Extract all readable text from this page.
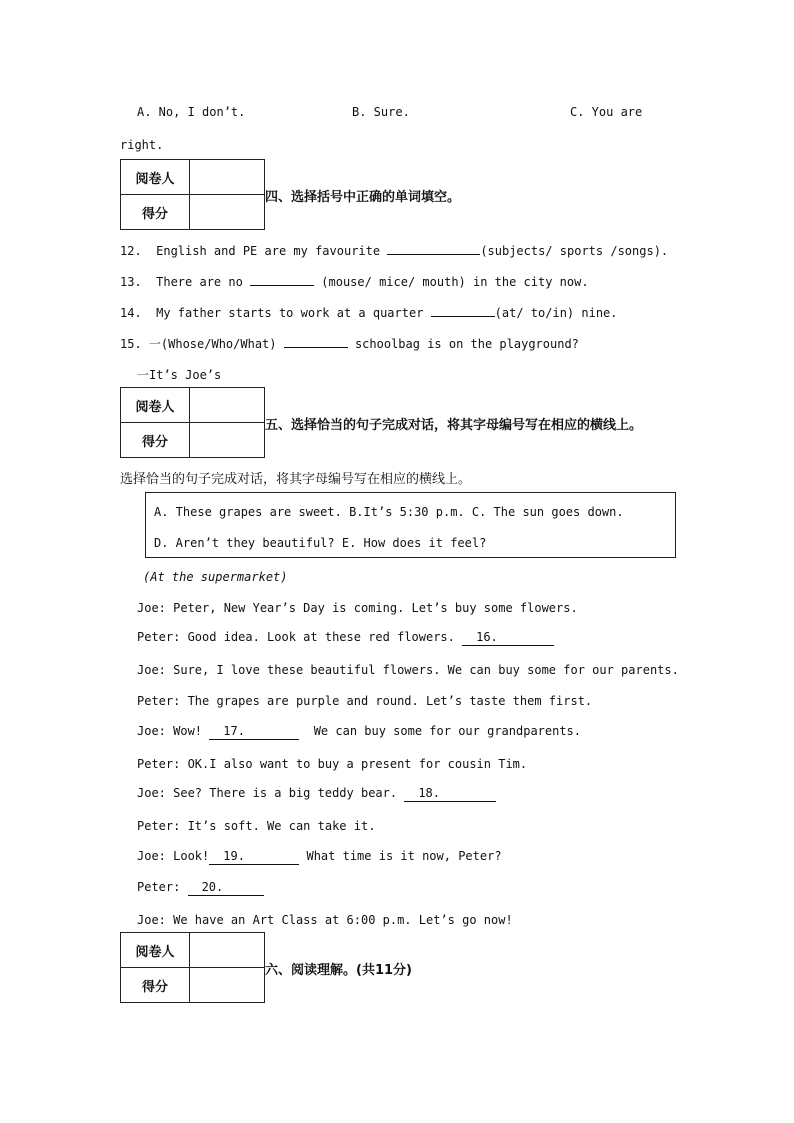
A. No, I don’t.	B. Sure.	C. You are
right.
阅卷人	
得分	
四、选择括号中正确的单词填空。
12.  English and PE are my favourite	(subjects/ sports /songs).
13.  There are no	(mouse/ mice/ mouth) in the city now.
14.  My father starts to work at a quarter	(at/ to/in) nine.
15. 一(Whose/Who/What)	schoolbag is on the playground?
一It’s Joe’s
阅卷人	
得分	
五、选择恰当的句子完成对话，将其字母编号写在相应的横线上。
选择恰当的句子完成对话，将其字母编号写在相应的横线上。
A. These grapes are sweet. B.It’s 5:30 p.m. C. The sun goes down.
D. Aren’t they beautiful? E. How does it feel?
(At the supermarket)
Joe: Peter, New Year’s Day is coming. Let’s buy some flowers.
Peter: Good idea. Look at these red flowers. 16.
Joe: Sure, I love these beautiful flowers. We can buy some for our parents.
Peter: The grapes are purple and round. Let’s taste them first.
Joe: Wow! 17.	We can buy some for our grandparents.
Peter: OK.I also want to buy a present for cousin Tim.
Joe: See? There is a big teddy bear. 18.
Peter: It’s soft. We can take it.
Joe: Look! 19.	What time is it now, Peter?
Peter: 20.
Joe: We have an Art Class at 6:00 p.m. Let’s go now!
阅卷人	
得分	
六、阅读理解。(共11分)
